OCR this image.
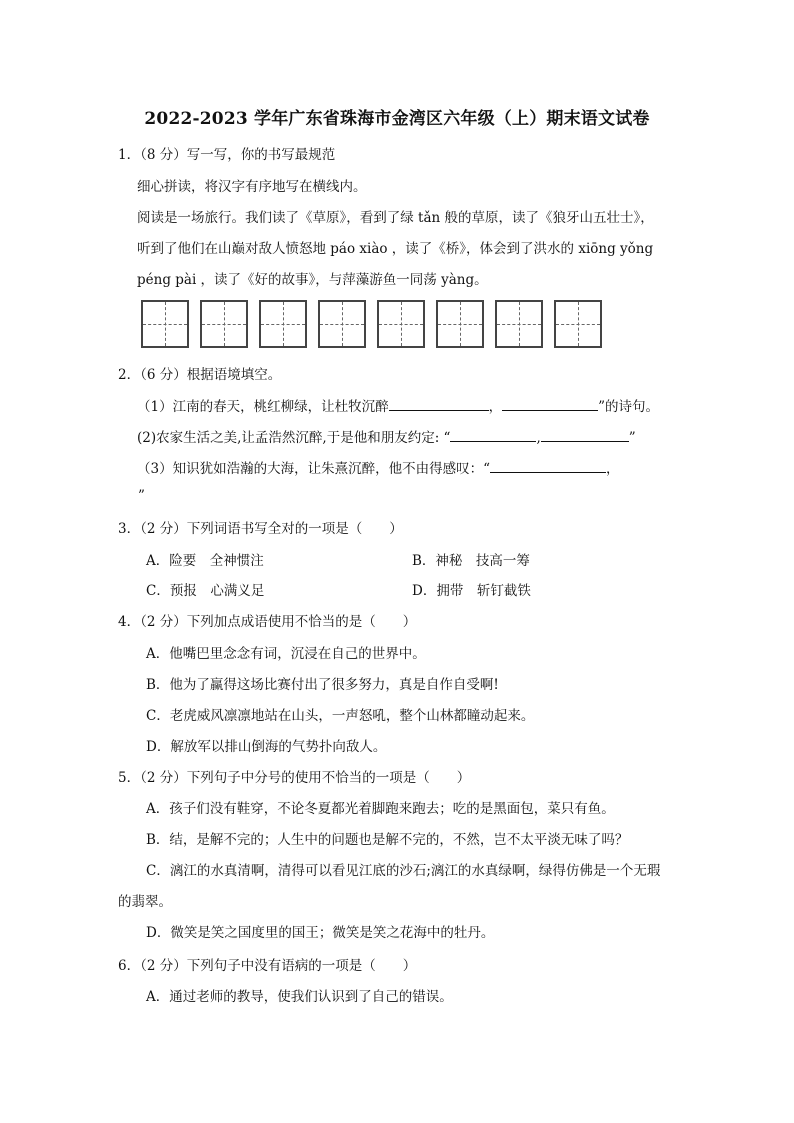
2022-2023 学年广东省珠海市金湾区六年级（上）期末语文试卷
1．（8 分）写一写，你的书写最规范
细心拼读，将汉字有序地写在横线内。
阅读是一场旅行。我们读了《草原》，看到了绿 tǎn 般的草原，读了《狼牙山五壮士》，
听到了他们在山巅对敌人愤怒地 páo xiào ，读了《桥》，体会到了洪水的 xiōng yǒng
péng pài ，读了《好的故事》，与萍藻游鱼一同荡 yàng。
2．（6 分）根据语境填空。
（1）江南的春天，桃红柳绿，让杜牧沉醉	，	”的诗句。
(2)农家生活之美,让孟浩然沉醉,于是他和朋友约定: “	,	”
（3）知识犹如浩瀚的大海，让朱熹沉醉，他不由得感叹：“	，
”
3．（2 分）下列词语书写全对的一项是（　　）
A．险要　全神惯注	B．神秘　技高一筹
C．预报　心满义足	D．拥带　斩钉截铁
4．（2 分）下列加点成语使用不恰当的是（　　）
A．他嘴巴里念念有词，沉浸在自己的世界中。
B．他为了赢得这场比赛付出了很多努力，真是自作自受啊!
C．老虎威风凛凛地站在山头，一声怒吼，整个山林都瞳动起来。
D．解放军以排山倒海的气势扑向敌人。
5．（2 分）下列句子中分号的使用不恰当的一项是（　　）
A．孩子们没有鞋穿，不论冬夏都光着脚跑来跑去；吃的是黑面包，菜只有鱼。
B．结，是解不完的；人生中的问题也是解不完的，不然，岂不太平淡无味了吗？
C．漓江的水真清啊，清得可以看见江底的沙石;漓江的水真绿啊，绿得仿佛是一个无瑕
的翡翠。
D．微笑是笑之国度里的国王；微笑是笑之花海中的牡丹。
6．（2 分）下列句子中没有语病的一项是（　　）
A．通过老师的教导，使我们认识到了自己的错误。
